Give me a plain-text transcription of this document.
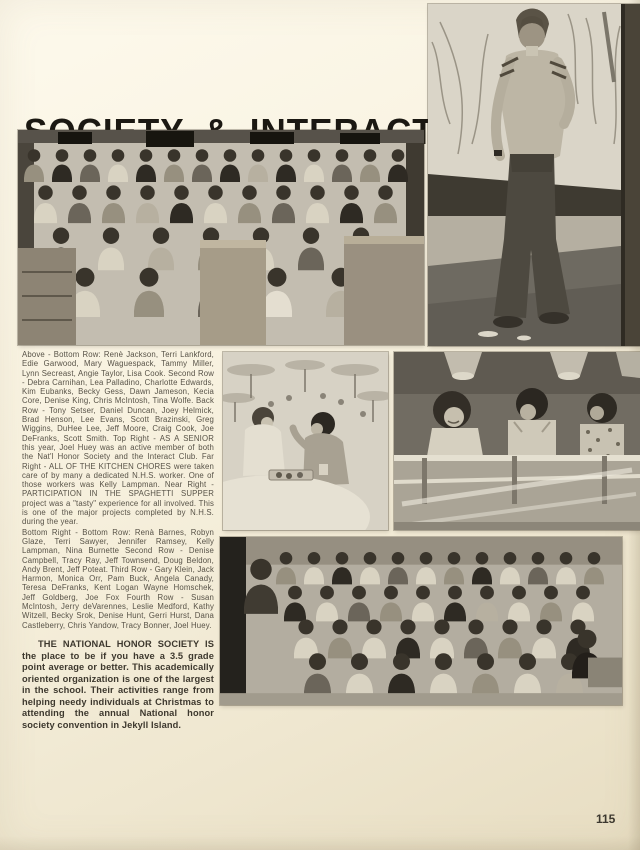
Above - Bottom Row: Renè Jackson, Terri Lankford, Edie Garwood, Mary Waguespack, Tammy Miller, Lynn Secreast, Angie Taylor, Lisa Cook. Second Row - Debra Carnihan, Lea Palladino, Charlotte Edwards, Kim Eubanks, Becky Gess, Dawn Jameson, Kecia Core, Denise King, Chris McIntosh, Tina Wolfe. Back Row - Tony Setser, Daniel Duncan, Joey Helmick, Brad Henson, Lee Evans, Scott Brazinski, Greg Wiggins, DuHee Lee, Jeff Moore, Craig Cook, Joe DeFranks, Scott Smith. Top Right - AS A SENIOR this year, Joel Huey was an active member of both the Nat'l Honor Society and the Interact Club. Far Right - ALL OF THE KITCHEN CHORES were taken care of by many a dedicated N.H.S. worker. One of those workers was Kelly Lampman. Near Right - PARTICIPATION IN THE SPAGHETTI SUPPER project was a "tasty" experience for all involved. This is one of the major projects completed by N.H.S. during the year.

Bottom Right - Bottom Row: Renà Barnes, Robyn Glaze, Terri Sawyer, Jennifer Ramsey, Kelly Lampman, Nina Burnette Second Row - Denise Campbell, Tracy Ray, Jeff Townsend, Doug Beldon, Andy Brent, Jeff Poteat. Third Row - Gary Klein, Jack Harmon, Monica Orr, Pam Buck, Angela Canady, Teresa DeFranks, Kent Logan Wayne Homschek, Jeff Goldberg, Joe Fox Fourth Row - Susan McIntosh, Jerry deVarennes, Leslie Medford, Kathy Witzell, Becky Srok, Denise Hunt, Gerri Hurst, Dana Castleberry, Chris Yandow, Tracy Bonner, Joel Huey.

THE NATIONAL HONOR SOCIETY IS the place to be if you have a 3.5 grade point average or better. This academically oriented organization is one of the largest in the school. Their activities range from helping needy individuals at Christmas to attending the annual National honor society convention in Jekyll Island.

115
